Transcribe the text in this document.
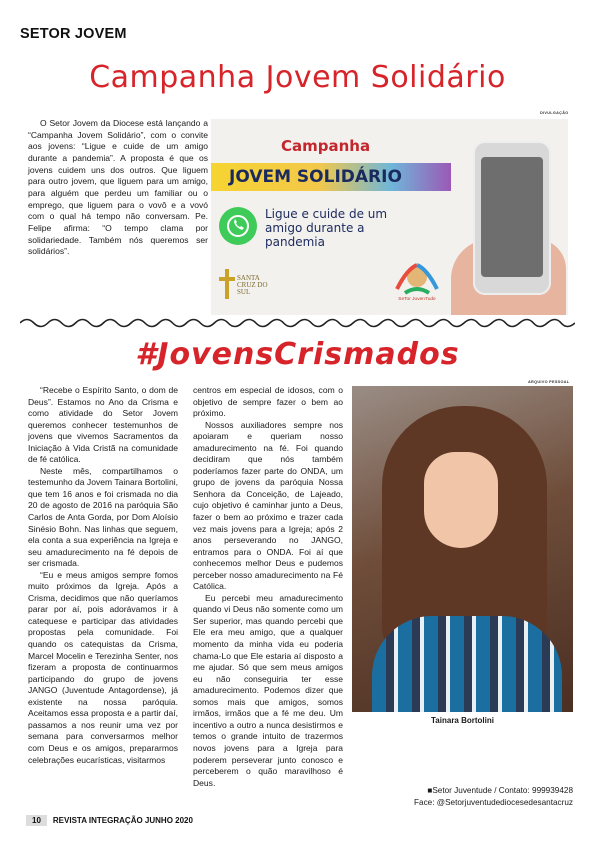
SETOR JOVEM
Campanha Jovem Solidário

O Setor Jovem da Diocese está lançando a “Campanha Jovem Solidário”, com o convite aos jovens: “Ligue e cuide de um amigo durante a pandemia”. A proposta é que os jovens cuidem uns dos outros. Que liguem para outro jovem, que liguem para um amigo, para alguém que perdeu um familiar ou o emprego, que liguem para o vovô e a vovó com o qual há tempo não conversam. Pe. Felipe afirma: “O tempo clama por solidariedade. Também nós queremos ser solidários”.

DIVULGAÇÃO
Campanha
JOVEM SOLIDÁRIO
Ligue e cuide de um amigo durante a pandemia
SANTA CRUZ DO SUL
SeTor JuvenTude
#JovensCrismados
ARQUIVO PESSOAL

“Recebe o Espírito Santo, o dom de Deus”. Estamos no Ano da Crisma e como atividade do Setor Jovem queremos conhecer testemunhos de jovens que vivemos Sacramentos da Iniciação à Vida Cristã na comunidade de fé católica.

Neste mês, compartilhamos o testemunho da Jovem Tainara Bortolini, que tem 16 anos e foi crismada no dia 20 de agosto de 2016 na paróquia São Carlos de Anta Gorda, por Dom Aloísio Sinésio Bohn. Nas linhas que seguem, ela conta a sua experiência na Igreja e seu amadurecimento na fé depois de ser crismada.

“Eu e meus amigos sempre fomos muito próximos da Igreja. Após a Crisma, decidimos que não queríamos parar por aí, pois adorávamos ir à catequese e participar das atividades propostas pela comunidade. Foi quando os catequistas da Crisma, Marcel Mocelin e Terezinha Senter, nos fizeram a proposta de continuarmos participando do grupo de jovens JANGO (Juventude Antagordense), já existente na nossa paróquia. Aceitamos essa proposta e a partir daí, passamos a nos reunir uma vez por semana para conversarmos melhor com Deus e os amigos, prepararmos celebrações eucarísticas, visitarmos

centros em especial de idosos, com o objetivo de sempre fazer o bem ao próximo.

Nossos auxiliadores sempre nos apoiaram e queriam nosso amadurecimento na fé. Foi quando decidiram que nós também poderíamos fazer parte do ONDA, um grupo de jovens da paróquia Nossa Senhora da Conceição, de Lajeado, cujo objetivo é caminhar junto a Deus, fazer o bem ao próximo e trazer cada vez mais jovens para a Igreja; após 2 anos perseverando no JANGO, entramos para o ONDA. Foi aí que conhecemos melhor Deus e pudemos perceber nosso amadurecimento na Fé Católica.

Eu percebi meu amadurecimento quando vi Deus não somente como um Ser superior, mas quando percebi que Ele era meu amigo, que a qualquer momento da minha vida eu poderia chama-Lo que Ele estaria aí disposto a me ajudar. Só que sem meus amigos eu não conseguiria ter esse amadurecimento. Podemos dizer que somos mais que amigos, somos irmãos, irmãos que a fé me deu. Um incentivo a outro a nunca desistirmos e temos o grande intuito de trazermos novos jovens para a Igreja para poderem perseverar junto conosco e perceberem o quão maravilhoso é Deus.

Tainara Bortolini
■Setor Juventude / Contato: 999939428
Face: @Setorjuventudediocesedesantacruz
10 REVISTA INTEGRAÇÃO JUNHO 2020
